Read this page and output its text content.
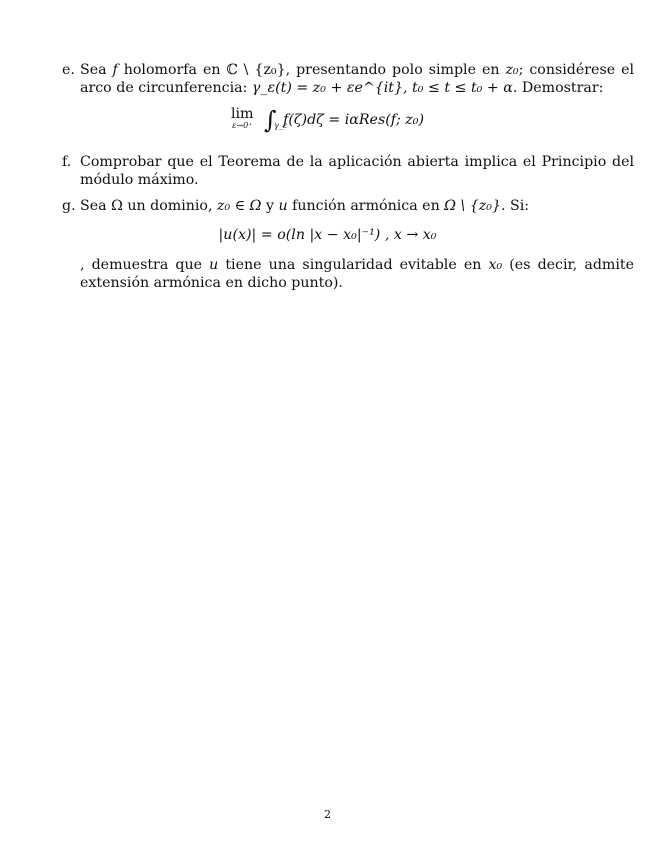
e. Sea f holomorfa en ℂ \ {z₀}, presentando polo simple en z₀; considérese el arco de circunferencia: γ_ε(t) = z₀ + εe^{it}, t₀ ≤ t ≤ t₀ + α. Demostrar:
lim
ε→0⁺ ∫
γ_ε
f(ζ)dζ = iαRes(f; z₀)
f. Comprobar que el Teorema de la aplicación abierta implica el Principio del módulo máximo.
g. Sea Ω un dominio, z₀ ∈ Ω y u función armónica en Ω \ {z₀}. Si:
|u(x)| = o(ln |x − x₀|⁻¹) , x → x₀
, demuestra que u tiene una singularidad evitable en x₀ (es decir, admite extensión armónica en dicho punto).
2
